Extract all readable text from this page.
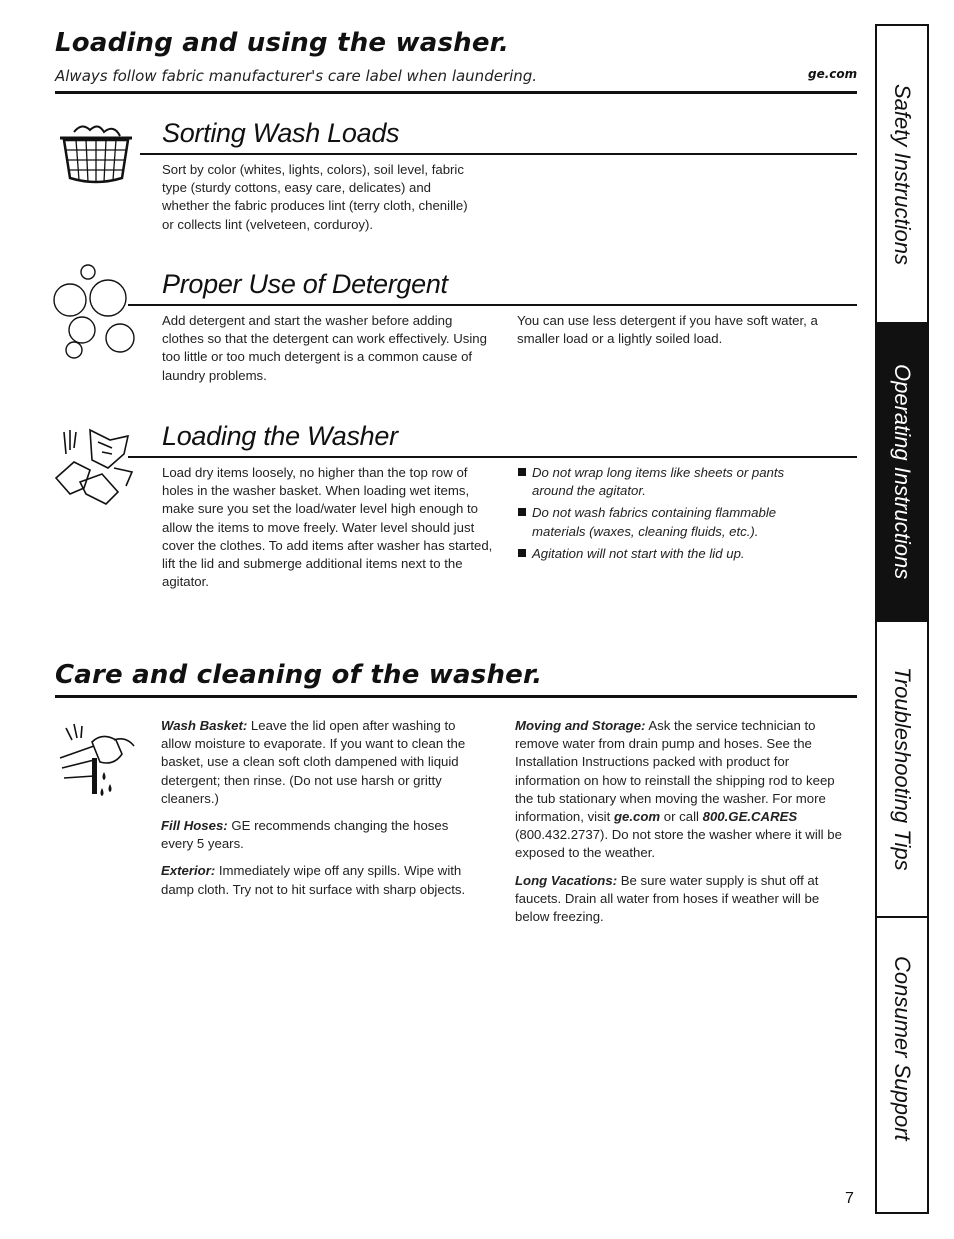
Loading and using the washer.
Always follow fabric manufacturer's care label when laundering.	ge.com
Sorting Wash Loads
Sort by color (whites, lights, colors), soil level, fabric type (sturdy cottons, easy care, delicates) and whether the fabric produces lint (terry cloth, chenille) or collects lint (velveteen, corduroy).
Proper Use of Detergent
Add detergent and start the washer before adding clothes so that the detergent can work effectively. Using too little or too much detergent is a common cause of laundry problems.
You can use less detergent if you have soft water, a smaller load or a lightly soiled load.
Loading the Washer
Load dry items loosely, no higher than the top row of holes in the washer basket. When loading wet items, make sure you set the load/water level high enough to allow the items to move freely. Water level should just cover the clothes. To add items after washer has started, lift the lid and submerge additional items next to the agitator.
Do not wrap long items like sheets or pants around the agitator.
Do not wash fabrics containing flammable materials (waxes, cleaning fluids, etc.).
Agitation will not start with the lid up.
Care and cleaning of the washer.

Wash Basket: Leave the lid open after washing to allow moisture to evaporate. If you want to clean the basket, use a clean soft cloth dampened with liquid detergent; then rinse. (Do not use harsh or gritty cleaners.)

Fill Hoses: GE recommends changing the hoses every 5 years.

Exterior: Immediately wipe off any spills. Wipe with damp cloth. Try not to hit surface with sharp objects.

Moving and Storage: Ask the service technician to remove water from drain pump and hoses. See the Installation Instructions packed with product for information on how to reinstall the shipping rod to keep the tub stationary when moving the washer. For more information, visit ge.com or call 800.GE.CARES (800.432.2737). Do not store the washer where it will be exposed to the weather.

Long Vacations: Be sure water supply is shut off at faucets. Drain all water from hoses if weather will be below freezing.

Safety Instructions
Operating Instructions
Troubleshooting Tips
Consumer Support
7
